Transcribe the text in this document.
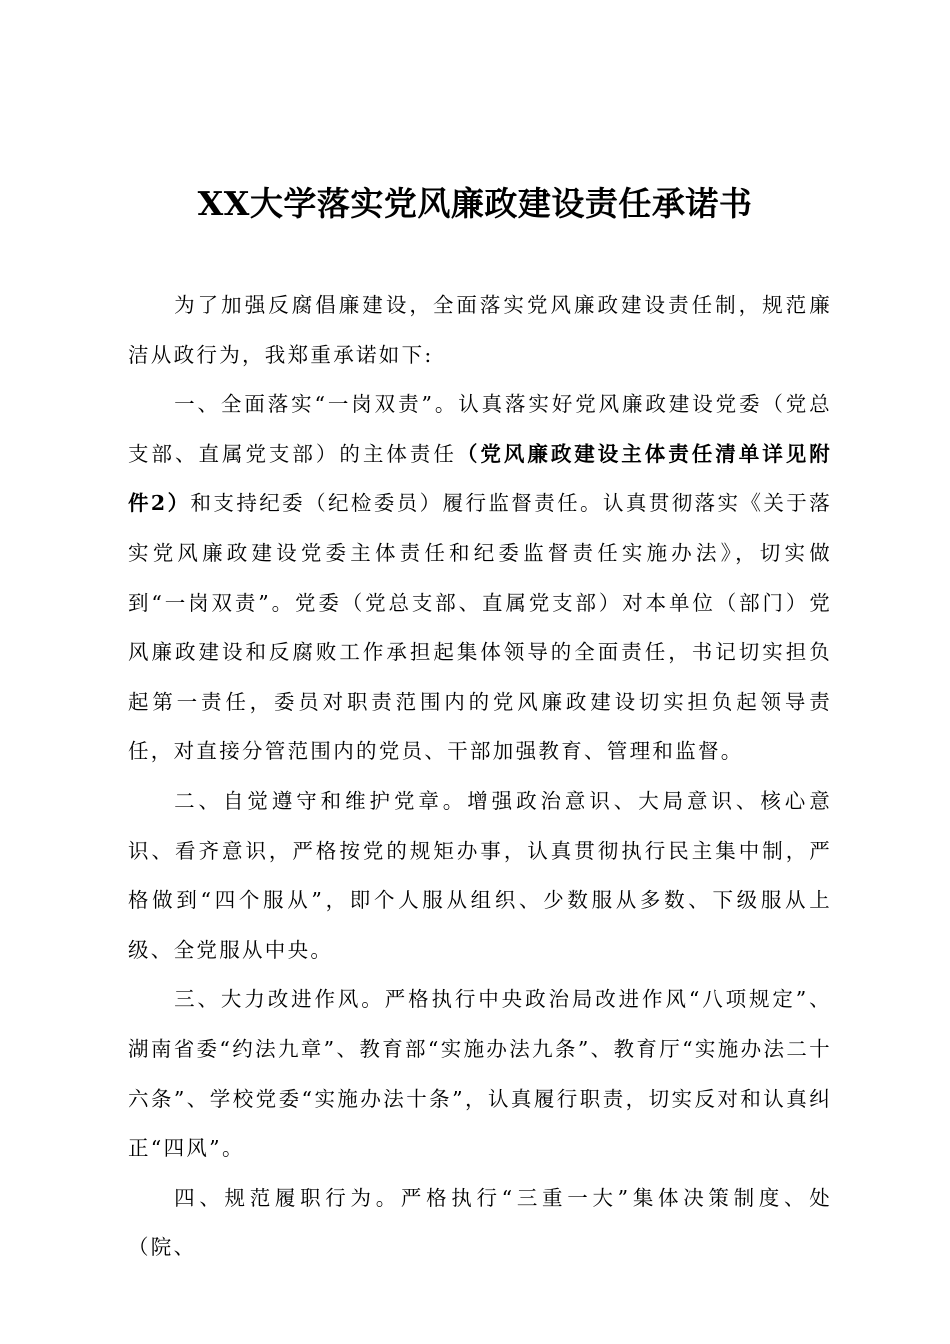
XX大学落实党风廉政建设责任承诺书

为了加强反腐倡廉建设，全面落实党风廉政建设责任制，规范廉洁从政行为，我郑重承诺如下:

一、全面落实“一岗双责”。认真落实好党风廉政建设党委（党总支部、直属党支部）的主体责任（党风廉政建设主体责任清单详见附件2）和支持纪委（纪检委员）履行监督责任。认真贯彻落实《关于落实党风廉政建设党委主体责任和纪委监督责任实施办法》，切实做到“一岗双责”。党委（党总支部、直属党支部）对本单位（部门）党风廉政建设和反腐败工作承担起集体领导的全面责任，书记切实担负起第一责任，委员对职责范围内的党风廉政建设切实担负起领导责任，对直接分管范围内的党员、干部加强教育、管理和监督。

二、自觉遵守和维护党章。增强政治意识、大局意识、核心意识、看齐意识，严格按党的规矩办事，认真贯彻执行民主集中制，严格做到“四个服从”，即个人服从组织、少数服从多数、下级服从上级、全党服从中央。

三、大力改进作风。严格执行中央政治局改进作风“八项规定”、湖南省委“约法九章”、教育部“实施办法九条”、教育厅“实施办法二十六条”、学校党委“实施办法十条”，认真履行职责，切实反对和认真纠正“四风”。

四、规范履职行为。严格执行“三重一大”集体决策制度、处（院、
